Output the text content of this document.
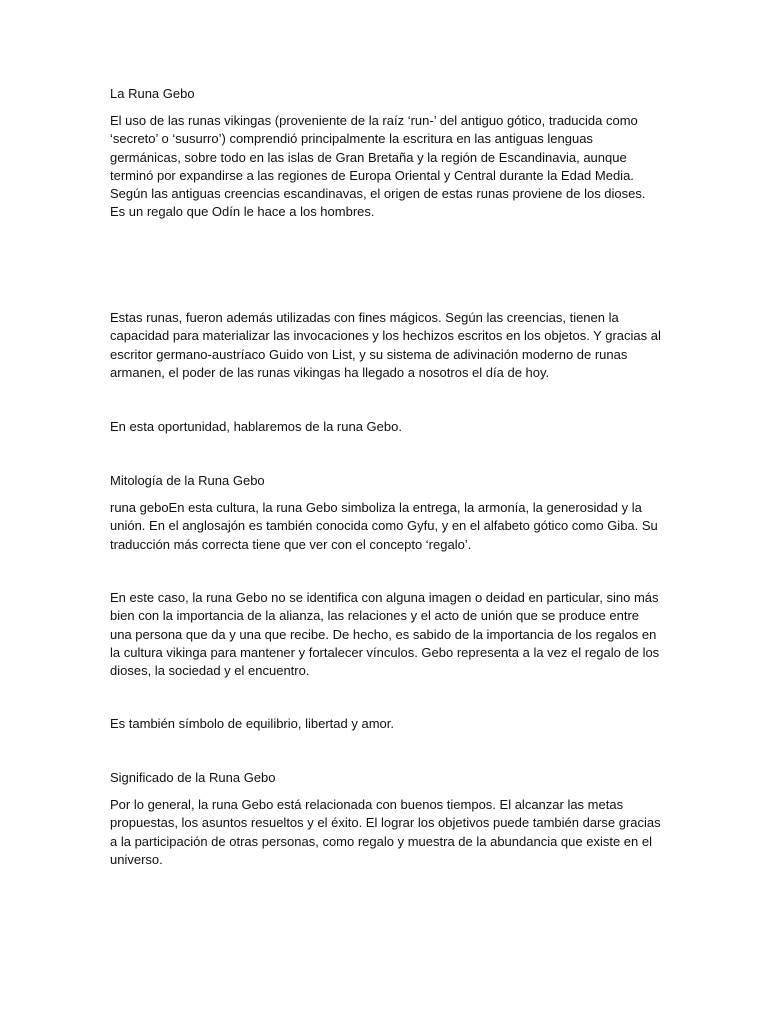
La Runa Gebo

El uso de las runas vikingas (proveniente de la raíz ‘run-’ del antiguo gótico, traducida como ‘secreto’ o ‘susurro’) comprendió principalmente la escritura en las antiguas lenguas germánicas, sobre todo en las islas de Gran Bretaña y la región de Escandinavia, aunque terminó por expandirse a las regiones de Europa Oriental y Central durante la Edad Media. Según las antiguas creencias escandinavas, el origen de estas runas proviene de los dioses. Es un regalo que Odín le hace a los hombres.

Estas runas, fueron además utilizadas con fines mágicos. Según las creencias, tienen la capacidad para materializar las invocaciones y los hechizos escritos en los objetos. Y gracias al escritor germano-austríaco Guido von List, y su sistema de adivinación moderno de runas armanen, el poder de las runas vikingas ha llegado a nosotros el día de hoy.

En esta oportunidad, hablaremos de la runa Gebo.

Mitología de la Runa Gebo

runa geboEn esta cultura, la runa Gebo simboliza la entrega, la armonía, la generosidad y la unión. En el anglosajón es también conocida como Gyfu, y en el alfabeto gótico como Giba. Su traducción más correcta tiene que ver con el concepto ‘regalo’.

En este caso, la runa Gebo no se identifica con alguna imagen o deidad en particular, sino más bien con la importancia de la alianza, las relaciones y el acto de unión que se produce entre una persona que da y una que recibe. De hecho, es sabido de la importancia de los regalos en la cultura vikinga para mantener y fortalecer vínculos. Gebo representa a la vez el regalo de los dioses, la sociedad y el encuentro.

Es también símbolo de equilibrio, libertad y amor.

Significado de la Runa Gebo

Por lo general, la runa Gebo está relacionada con buenos tiempos. El alcanzar las metas propuestas, los asuntos resueltos y el éxito. El lograr los objetivos puede también darse gracias a la participación de otras personas, como regalo y muestra de la abundancia que existe en el universo.
